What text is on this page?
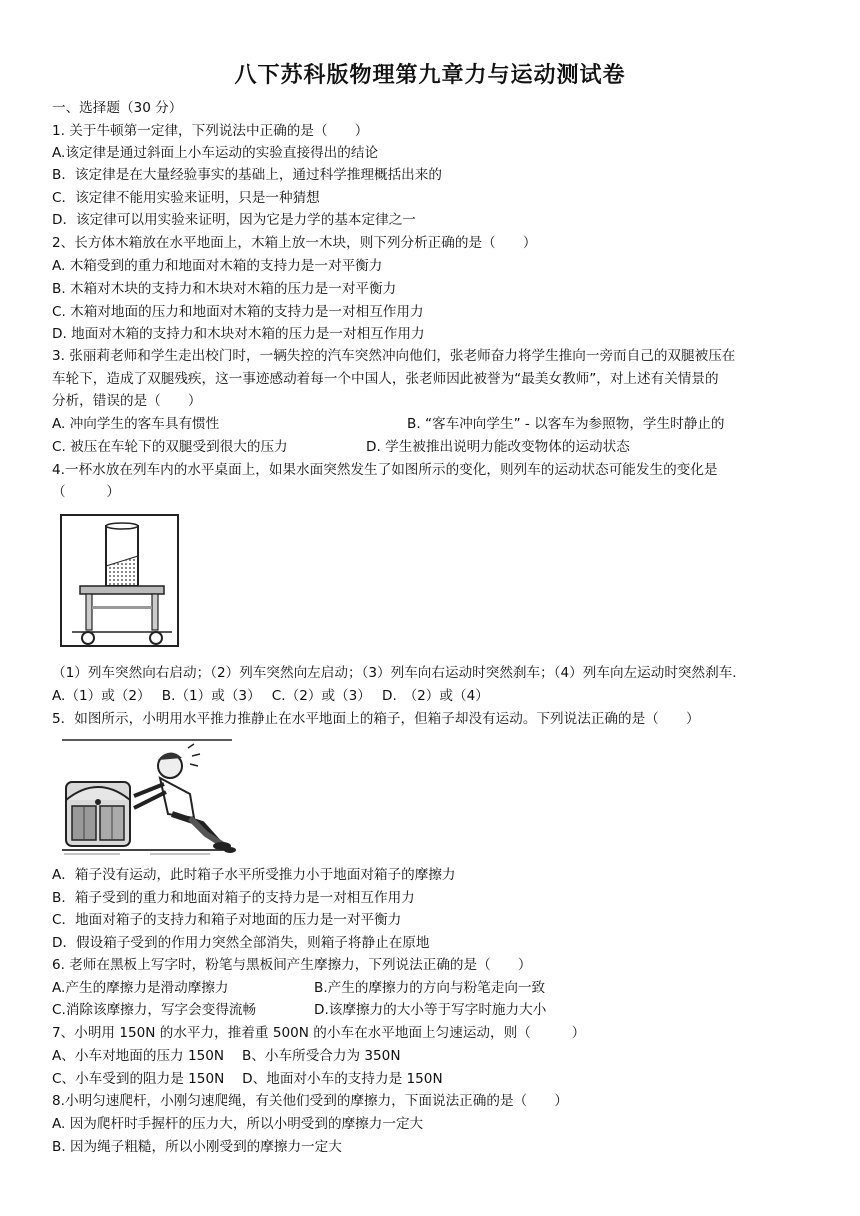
八下苏科版物理第九章力与运动测试卷
一、选择题（30 分）
1. 关于牛顿第一定律，下列说法中正确的是（　　）
A.该定律是通过斜面上小车运动的实验直接得出的结论
B．该定律是在大量经验事实的基础上，通过科学推理概括出来的
C．该定律不能用实验来证明，只是一种猜想
D．该定律可以用实验来证明，因为它是力学的基本定律之一
2、长方体木箱放在水平地面上，木箱上放一木块，则下列分析正确的是（　　）
A. 木箱受到的重力和地面对木箱的支持力是一对平衡力
B. 木箱对木块的支持力和木块对木箱的压力是一对平衡力
C. 木箱对地面的压力和地面对木箱的支持力是一对相互作用力
D. 地面对木箱的支持力和木块对木箱的压力是一对相互作用力
3. 张丽莉老师和学生走出校门时，一辆失控的汽车突然冲向他们，张老师奋力将学生推向一旁而自己的双腿被压在
车轮下，造成了双腿残疾，这一事迹感动着每一个中国人，张老师因此被誉为“最美女教师”，对上述有关情景的
分析，错误的是（　　）
A. 冲向学生的客车具有惯性	B. “客车冲向学生” - 以客车为参照物，学生时静止的
C. 被压在车轮下的双腿受到很大的压力	D. 学生被推出说明力能改变物体的运动状态
4.一杯水放在列车内的水平桌面上，如果水面突然发生了如图所示的变化，则列车的运动状态可能发生的变化是
（　　　）
（1）列车突然向右启动；（2）列车突然向左启动；（3）列车向右运动时突然刹车；（4）列车向左运动时突然刹车.
A.（1）或（2）　 B.（1）或（3）　 C.（2）或（3）　 D.　（2）或（4）
5．如图所示，小明用水平推力推静止在水平地面上的箱子，但箱子却没有运动。下列说法正确的是（　　）
A．箱子没有运动，此时箱子水平所受推力小于地面对箱子的摩擦力
B．箱子受到的重力和地面对箱子的支持力是一对相互作用力
C．地面对箱子的支持力和箱子对地面的压力是一对平衡力
D．假设箱子受到的作用力突然全部消失，则箱子将静止在原地
6. 老师在黑板上写字时，粉笔与黑板间产生摩擦力，下列说法正确的是（　　）
A.产生的摩擦力是滑动摩擦力	B.产生的摩擦力的方向与粉笔走向一致
C.消除该摩擦力，写字会变得流畅	D.该摩擦力的大小等于写字时施力大小
7、小明用 150N 的水平力，推着重 500N 的小车在水平地面上匀速运动，则（　　　）
A、小车对地面的压力 150N　 B、小车所受合力为 350N
C、小车受到的阻力是 150N　 D、地面对小车的支持力是 150N
8.小明匀速爬杆，小刚匀速爬绳，有关他们受到的摩擦力，下面说法正确的是（　　）
A. 因为爬杆时手握杆的压力大，所以小明受到的摩擦力一定大
B. 因为绳子粗糙，所以小刚受到的摩擦力一定大
